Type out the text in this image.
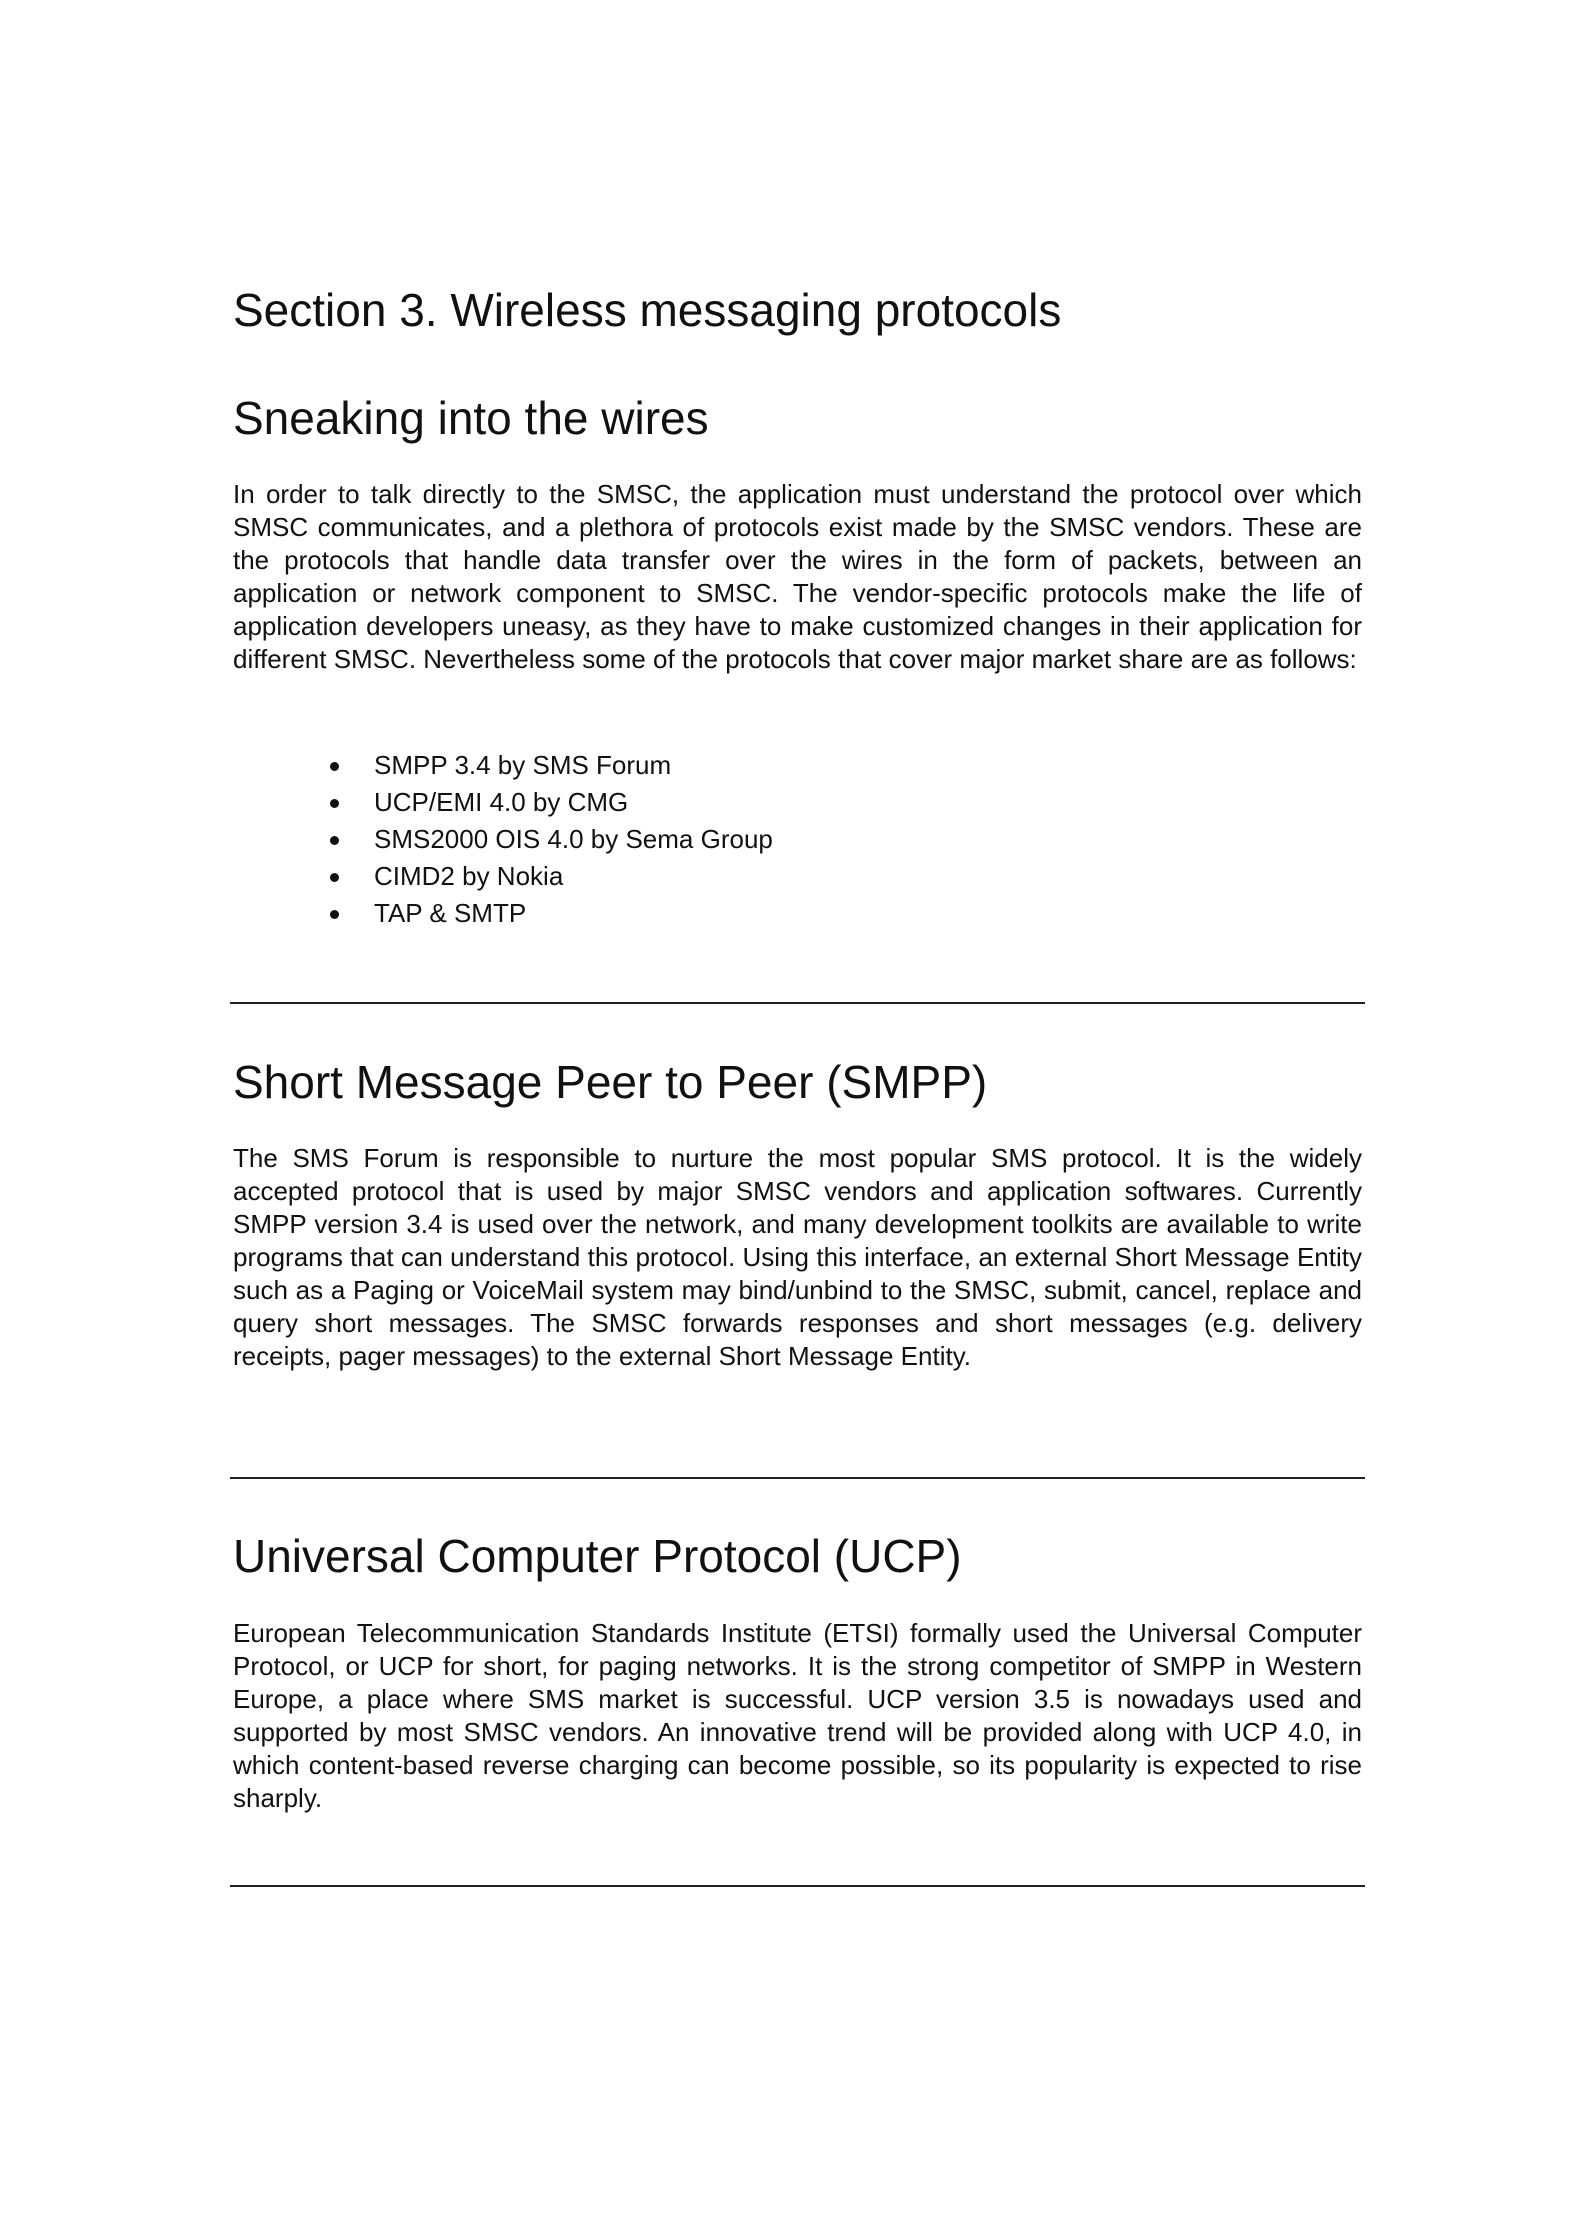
Section 3. Wireless messaging protocols
Sneaking into the wires

In order to talk directly to the SMSC, the application must understand the protocol over which SMSC communicates, and a plethora of protocols exist made by the SMSC vendors. These are the protocols that handle data transfer over the wires in the form of packets, between an application or network component to SMSC. The vendor-specific protocols make the life of application developers uneasy, as they have to make customized changes in their application for different SMSC. Nevertheless some of the protocols that cover major market share are as follows:

SMPP 3.4 by SMS Forum
UCP/EMI 4.0 by CMG
SMS2000 OIS 4.0 by Sema Group
CIMD2 by Nokia
TAP & SMTP
Short Message Peer to Peer (SMPP)

The SMS Forum is responsible to nurture the most popular SMS protocol. It is the widely accepted protocol that is used by major SMSC vendors and application softwares. Currently SMPP version 3.4 is used over the network, and many development toolkits are available to write programs that can understand this protocol. Using this interface, an external Short Message Entity such as a Paging or VoiceMail system may bind/unbind to the SMSC, submit, cancel, replace and query short messages. The SMSC forwards responses and short messages (e.g. delivery receipts, pager messages) to the external Short Message Entity.

Universal Computer Protocol (UCP)

European Telecommunication Standards Institute (ETSI) formally used the Universal Computer Protocol, or UCP for short, for paging networks. It is the strong competitor of SMPP in Western Europe, a place where SMS market is successful. UCP version 3.5 is nowadays used and supported by most SMSC vendors. An innovative trend will be provided along with UCP 4.0, in which content-based reverse charging can become possible, so its popularity is expected to rise sharply.
